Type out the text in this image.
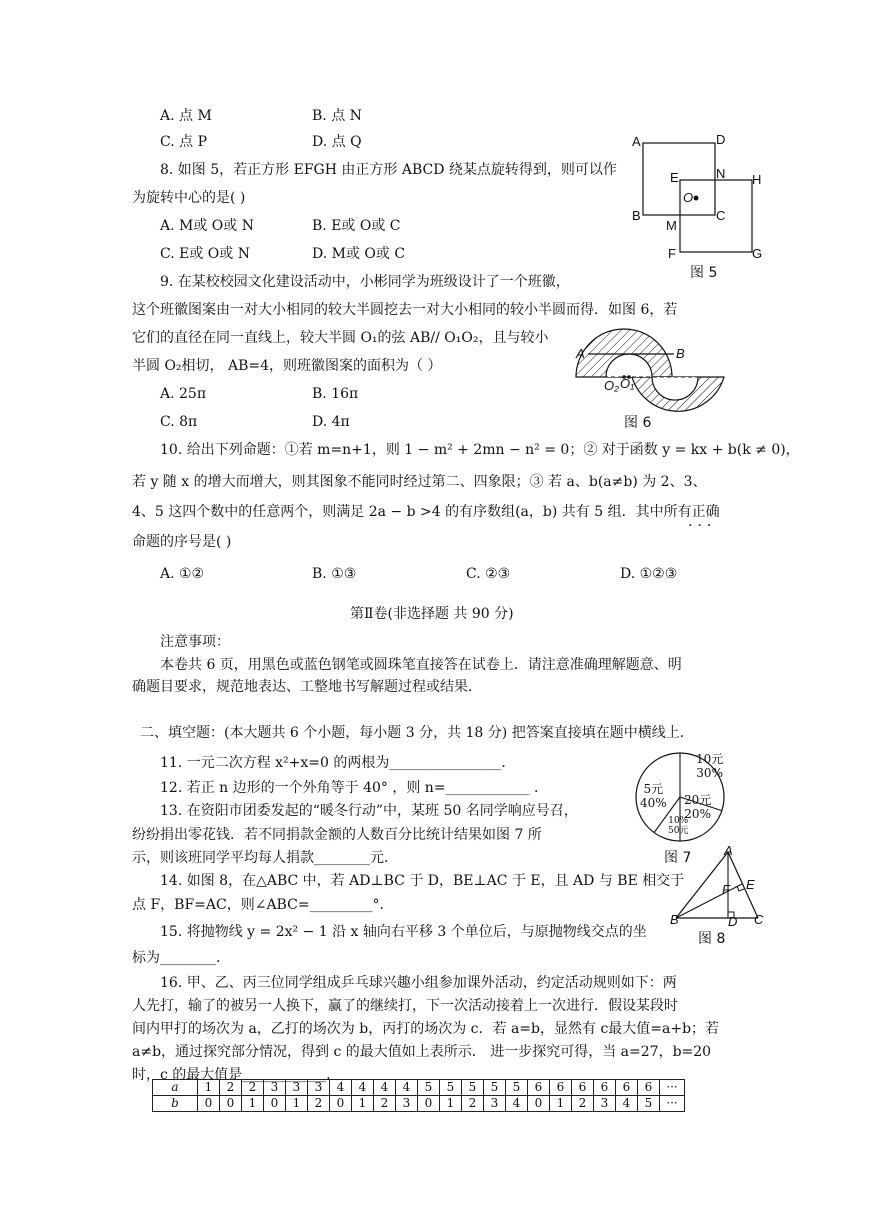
A. 点 M	B. 点 N
C. 点 P	D. 点 Q
8. 如图 5，若正方形 EFGH 由正方形 ABCD 绕某点旋转得到，则可以作
为旋转中心的是( )
A. M或 O或 N	B. E或 O或 C
C. E或 O或 N	D. M或 O或 C
A	D
E	N H
O
B	C
M
F	G
图 5
9. 在某校校园文化建设活动中，小彬同学为班级设计了一个班徽，
这个班徽图案由一对大小相同的较大半圆挖去一对大小相同的较小半圆而得．如图 6，若
它们的直径在同一直线上，较大半圆 O₁的弦 AB// O₁O₂，且与较小
半圆 O₂相切， AB=4，则班徽图案的面积为（ ）
A. 25π	B. 16π
C. 8π	D. 4π
A	B
O₂ O₁
图 6
10. 给出下列命题：①若 m=n+1，则 1 − m² + 2mn − n² = 0；② 对于函数 y = kx + b(k ≠ 0)，
若 y 随 x 的增大而增大，则其图象不能同时经过第二、四象限；③ 若 a、b(a≠b) 为 2、3、
4、5 这四个数中的任意两个，则满足 2a − b >4 的有序数组(a，b) 共有 5 组．其中所有正确
···
命题的序号是( )
A. ①②	B. ①③	C. ②③	D. ①②③
第Ⅱ卷(非选择题 共 90 分)
注意事项：
本卷共 6 页，用黑色或蓝色钢笔或圆珠笔直接答在试卷上．请注意准确理解题意、明
确题目要求，规范地表达、工整地书写解题过程或结果．
二、填空题：(本大题共 6 个小题，每小题 3 分，共 18 分) 把答案直接填在题中横线上．
11. 一元二次方程 x²+x=0 的两根为________________．
12. 若正 n 边形的一个外角等于 40° ，则 n=____________ ．
13. 在资阳市团委发起的“暖冬行动”中，某班 50 名同学响应号召，
纷纷捐出零花钱．若不同捐款金额的人数百分比统计结果如图 7 所
示，则该班同学平均每人捐款________元．
10元
30%
20元
20%
10%
50元
5元
40%
图 7
14. 如图 8，在△ABC 中，若 AD⊥BC 于 D，BE⊥AC 于 E，且 AD 与 BE 相交于
点 F，BF=AC，则∠ABC=_________°．
A
E
F
B	D C
图 8
15. 将抛物线 y = 2x² − 1 沿 x 轴向右平移 3 个单位后，与原抛物线交点的坐
标为________．
16. 甲、乙、丙三位同学组成乒乓球兴趣小组参加课外活动，约定活动规则如下：两
人先打，输了的被另一人换下，赢了的继续打，下一次活动接着上一次进行．假设某段时
间内甲打的场次为 a，乙打的场次为 b，丙打的场次为 c．若 a=b，显然有 c最大值=a+b；若
a≠b，通过探究部分情况，得到 c 的最大值如上表所示． 进一步探究可得，当 a=27，b=20
时，c 的最大值是____________．
a	1	2	2	3	3	3	4	4	4	4	5	5	5	5	5	6	6	6	6	6	6	···
b	0	0	1	0	1	2	0	1	2	3	0	1	2	3	4	0	1	2	3	4	5	···
